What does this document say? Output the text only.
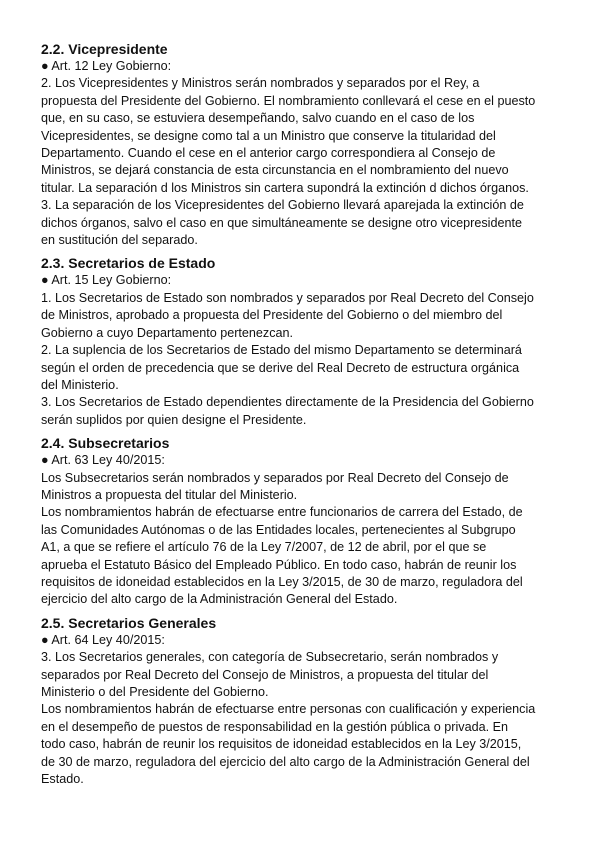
2.2. Vicepresidente
● Art. 12 Ley Gobierno:
2. Los Vicepresidentes y Ministros serán nombrados y separados por el Rey, a
propuesta del Presidente del Gobierno. El nombramiento conllevará el cese en el puesto
que, en su caso, se estuviera desempeñando, salvo cuando en el caso de los
Vicepresidentes, se designe como tal a un Ministro que conserve la titularidad del
Departamento. Cuando el cese en el anterior cargo correspondiera al Consejo de
Ministros, se dejará constancia de esta circunstancia en el nombramiento del nuevo
titular. La separación d los Ministros sin cartera supondrá la extinción d dichos órganos.
3. La separación de los Vicepresidentes del Gobierno llevará aparejada la extinción de
dichos órganos, salvo el caso en que simultáneamente se designe otro vicepresidente
en sustitución del separado.
2.3. Secretarios de Estado
● Art. 15 Ley Gobierno:
1. Los Secretarios de Estado son nombrados y separados por Real Decreto del Consejo
de Ministros, aprobado a propuesta del Presidente del Gobierno o del miembro del
Gobierno a cuyo Departamento pertenezcan.
2. La suplencia de los Secretarios de Estado del mismo Departamento se determinará
según el orden de precedencia que se derive del Real Decreto de estructura orgánica
del Ministerio.
3. Los Secretarios de Estado dependientes directamente de la Presidencia del Gobierno
serán suplidos por quien designe el Presidente.
2.4. Subsecretarios
● Art. 63 Ley 40/2015:
Los Subsecretarios serán nombrados y separados por Real Decreto del Consejo de
Ministros a propuesta del titular del Ministerio.
Los nombramientos habrán de efectuarse entre funcionarios de carrera del Estado, de
las Comunidades Autónomas o de las Entidades locales, pertenecientes al Subgrupo
A1, a que se refiere el artículo 76 de la Ley 7/2007, de 12 de abril, por el que se
aprueba el Estatuto Básico del Empleado Público. En todo caso, habrán de reunir los
requisitos de idoneidad establecidos en la Ley 3/2015, de 30 de marzo, reguladora del
ejercicio del alto cargo de la Administración General del Estado.
2.5. Secretarios Generales
● Art. 64 Ley 40/2015:
3. Los Secretarios generales, con categoría de Subsecretario, serán nombrados y
separados por Real Decreto del Consejo de Ministros, a propuesta del titular del
Ministerio o del Presidente del Gobierno.
Los nombramientos habrán de efectuarse entre personas con cualificación y experiencia
en el desempeño de puestos de responsabilidad en la gestión pública o privada. En
todo caso, habrán de reunir los requisitos de idoneidad establecidos en la Ley 3/2015,
de 30 de marzo, reguladora del ejercicio del alto cargo de la Administración General del
Estado.
